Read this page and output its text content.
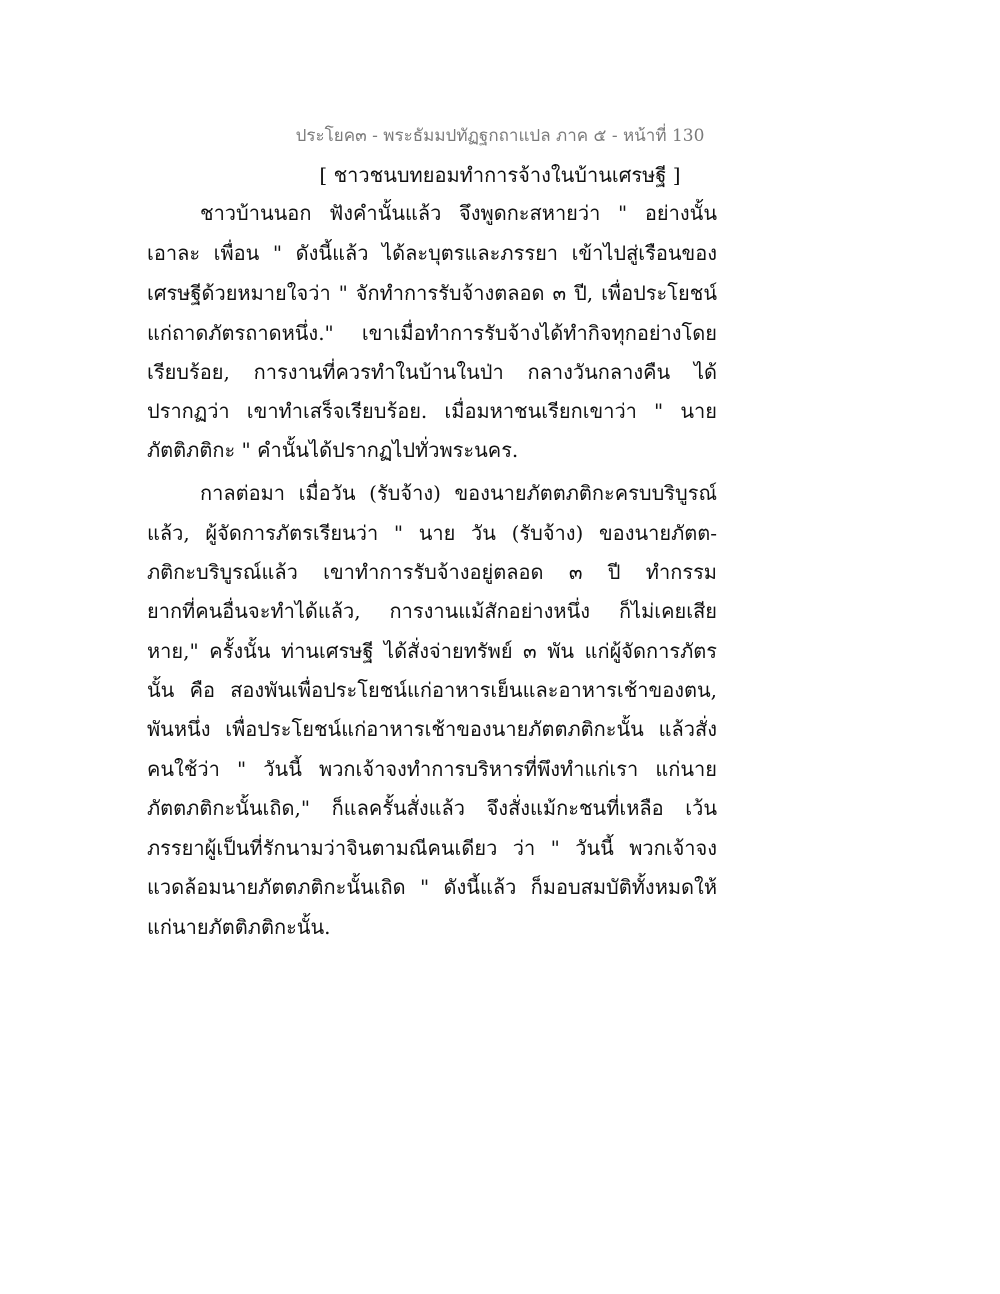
ประโยค๓ - พระธัมมปทัฏฐกถาแปล ภาค ๕ - หน้าที่ 130
[ ชาวชนบทยอมทำการจ้างในบ้านเศรษฐี ]
ชาวบ้านนอก ฟังคำนั้นแล้ว จึงพูดกะสหายว่า " อย่างนั้น
เอาละ เพื่อน " ดังนี้แล้ว ได้ละบุตรและภรรยา เข้าไปสู่เรือนของ
เศรษฐีด้วยหมายใจว่า " จักทำการรับจ้างตลอด ๓ ปี, เพื่อประโยชน์
แก่ถาดภัตรถาดหนึ่ง." เขาเมื่อทำการรับจ้างได้ทำกิจทุกอย่างโดย
เรียบร้อย, การงานที่ควรทำในบ้านในป่า กลางวันกลางคืน ได้
ปรากฏว่า เขาทำเสร็จเรียบร้อย. เมื่อมหาชนเรียกเขาว่า " นาย
ภัตติภติกะ " คำนั้นได้ปรากฏไปทั่วพระนคร.
กาลต่อมา เมื่อวัน (รับจ้าง) ของนายภัตตภติกะครบบริบูรณ์
แล้ว, ผู้จัดการภัตรเรียนว่า " นาย วัน (รับจ้าง) ของนายภัตต-
ภติกะบริบูรณ์แล้ว เขาทำการรับจ้างอยู่ตลอด ๓ ปี ทำกรรม
ยากที่คนอื่นจะทำได้แล้ว, การงานแม้สักอย่างหนึ่ง ก็ไม่เคยเสีย
หาย," ครั้งนั้น ท่านเศรษฐี ได้สั่งจ่ายทรัพย์ ๓ พัน แก่ผู้จัดการภัตร
นั้น คือ สองพันเพื่อประโยชน์แก่อาหารเย็นและอาหารเช้าของตน,
พันหนึ่ง เพื่อประโยชน์แก่อาหารเช้าของนายภัตตภติกะนั้น แล้วสั่ง
คนใช้ว่า " วันนี้ พวกเจ้าจงทำการบริหารที่พึงทำแก่เรา แก่นาย
ภัตตภติกะนั้นเถิด," ก็แลครั้นสั่งแล้ว จึงสั่งแม้กะชนที่เหลือ เว้น
ภรรยาผู้เป็นที่รักนามว่าจินตามณีคนเดียว ว่า " วันนี้ พวกเจ้าจง
แวดล้อมนายภัตตภติกะนั้นเถิด " ดังนี้แล้ว ก็มอบสมบัติทั้งหมดให้
แก่นายภัตติภติกะนั้น.
